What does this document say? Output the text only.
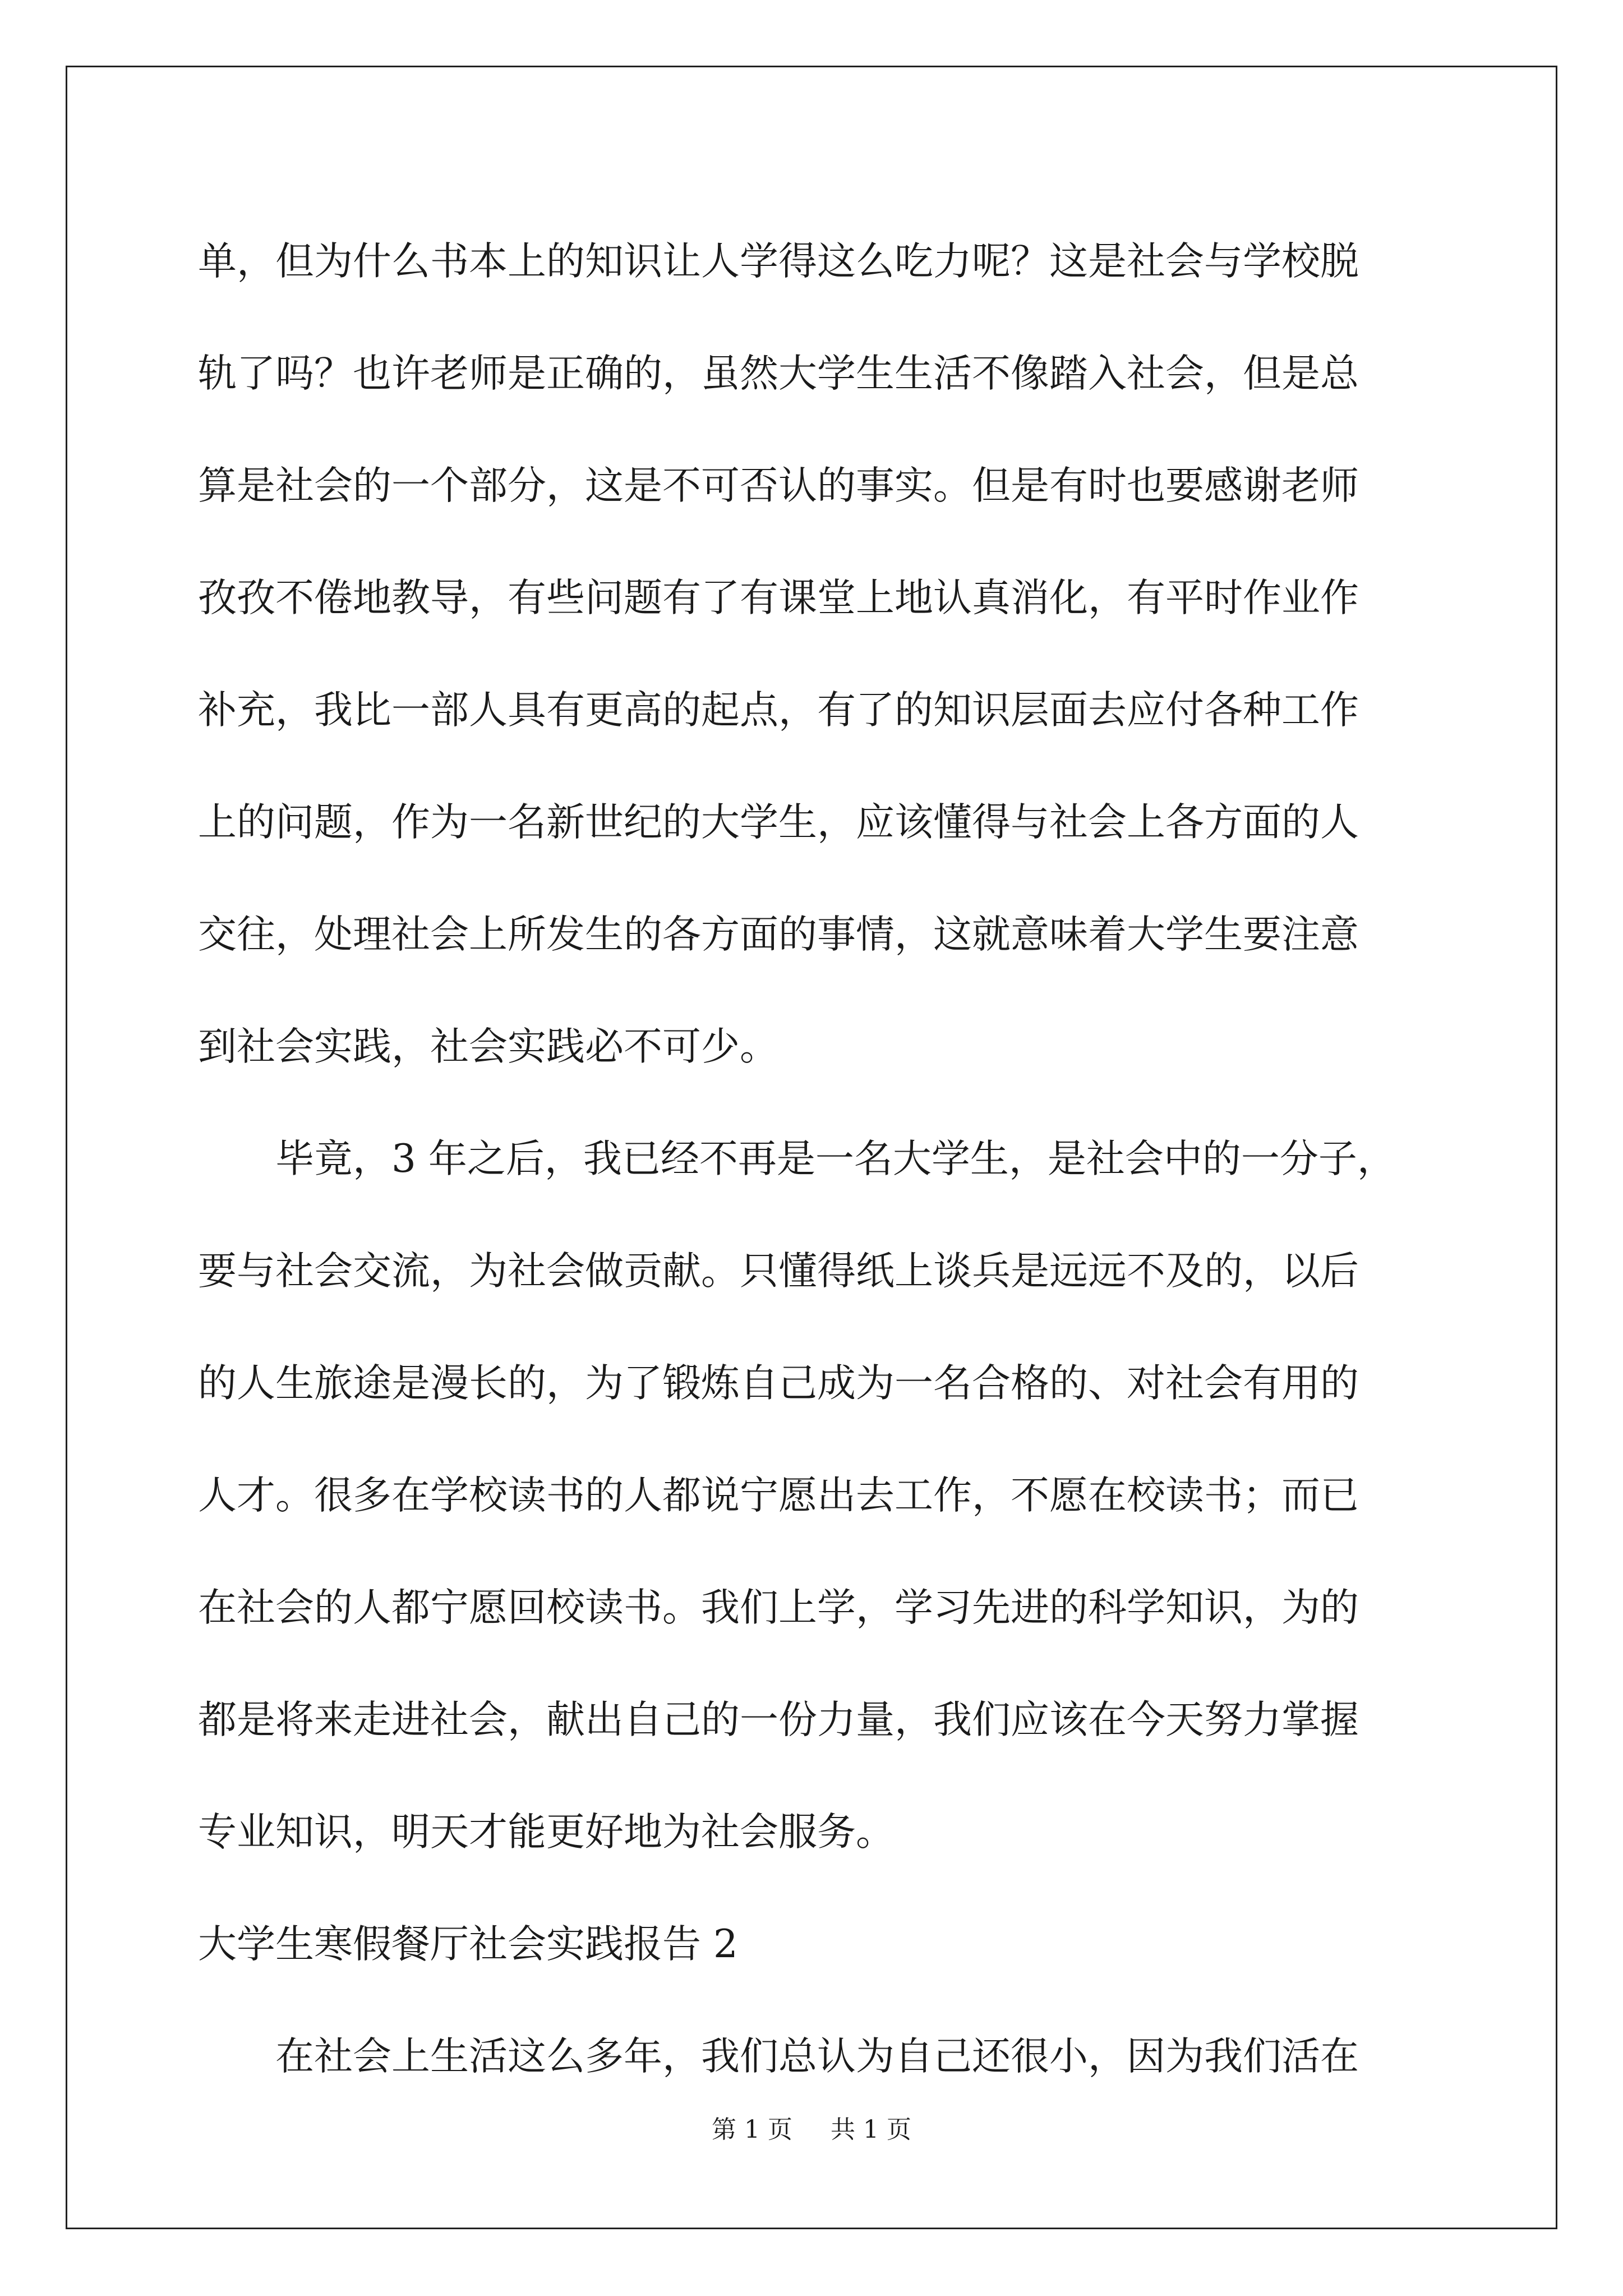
单，但为什么书本上的知识让人学得这么吃力呢？这是社会与学校脱
轨了吗？也许老师是正确的，虽然大学生生活不像踏入社会，但是总
算是社会的一个部分，这是不可否认的事实。但是有时也要感谢老师
孜孜不倦地教导，有些问题有了有课堂上地认真消化，有平时作业作
补充，我比一部人具有更高的起点，有了的知识层面去应付各种工作
上的问题，作为一名新世纪的大学生，应该懂得与社会上各方面的人
交往，处理社会上所发生的各方面的事情，这就意味着大学生要注意
到社会实践，社会实践必不可少。

毕竟，3 年之后，我已经不再是一名大学生，是社会中的一分子，
要与社会交流，为社会做贡献。只懂得纸上谈兵是远远不及的，以后
的人生旅途是漫长的，为了锻炼自己成为一名合格的、对社会有用的
人才。很多在学校读书的人都说宁愿出去工作，不愿在校读书；而已
在社会的人都宁愿回校读书。我们上学，学习先进的科学知识，为的
都是将来走进社会，献出自己的一份力量，我们应该在今天努力掌握
专业知识，明天才能更好地为社会服务。

大学生寒假餐厅社会实践报告 2

在社会上生活这么多年，我们总认为自己还很小，因为我们活在

第 1 页 共 1 页
